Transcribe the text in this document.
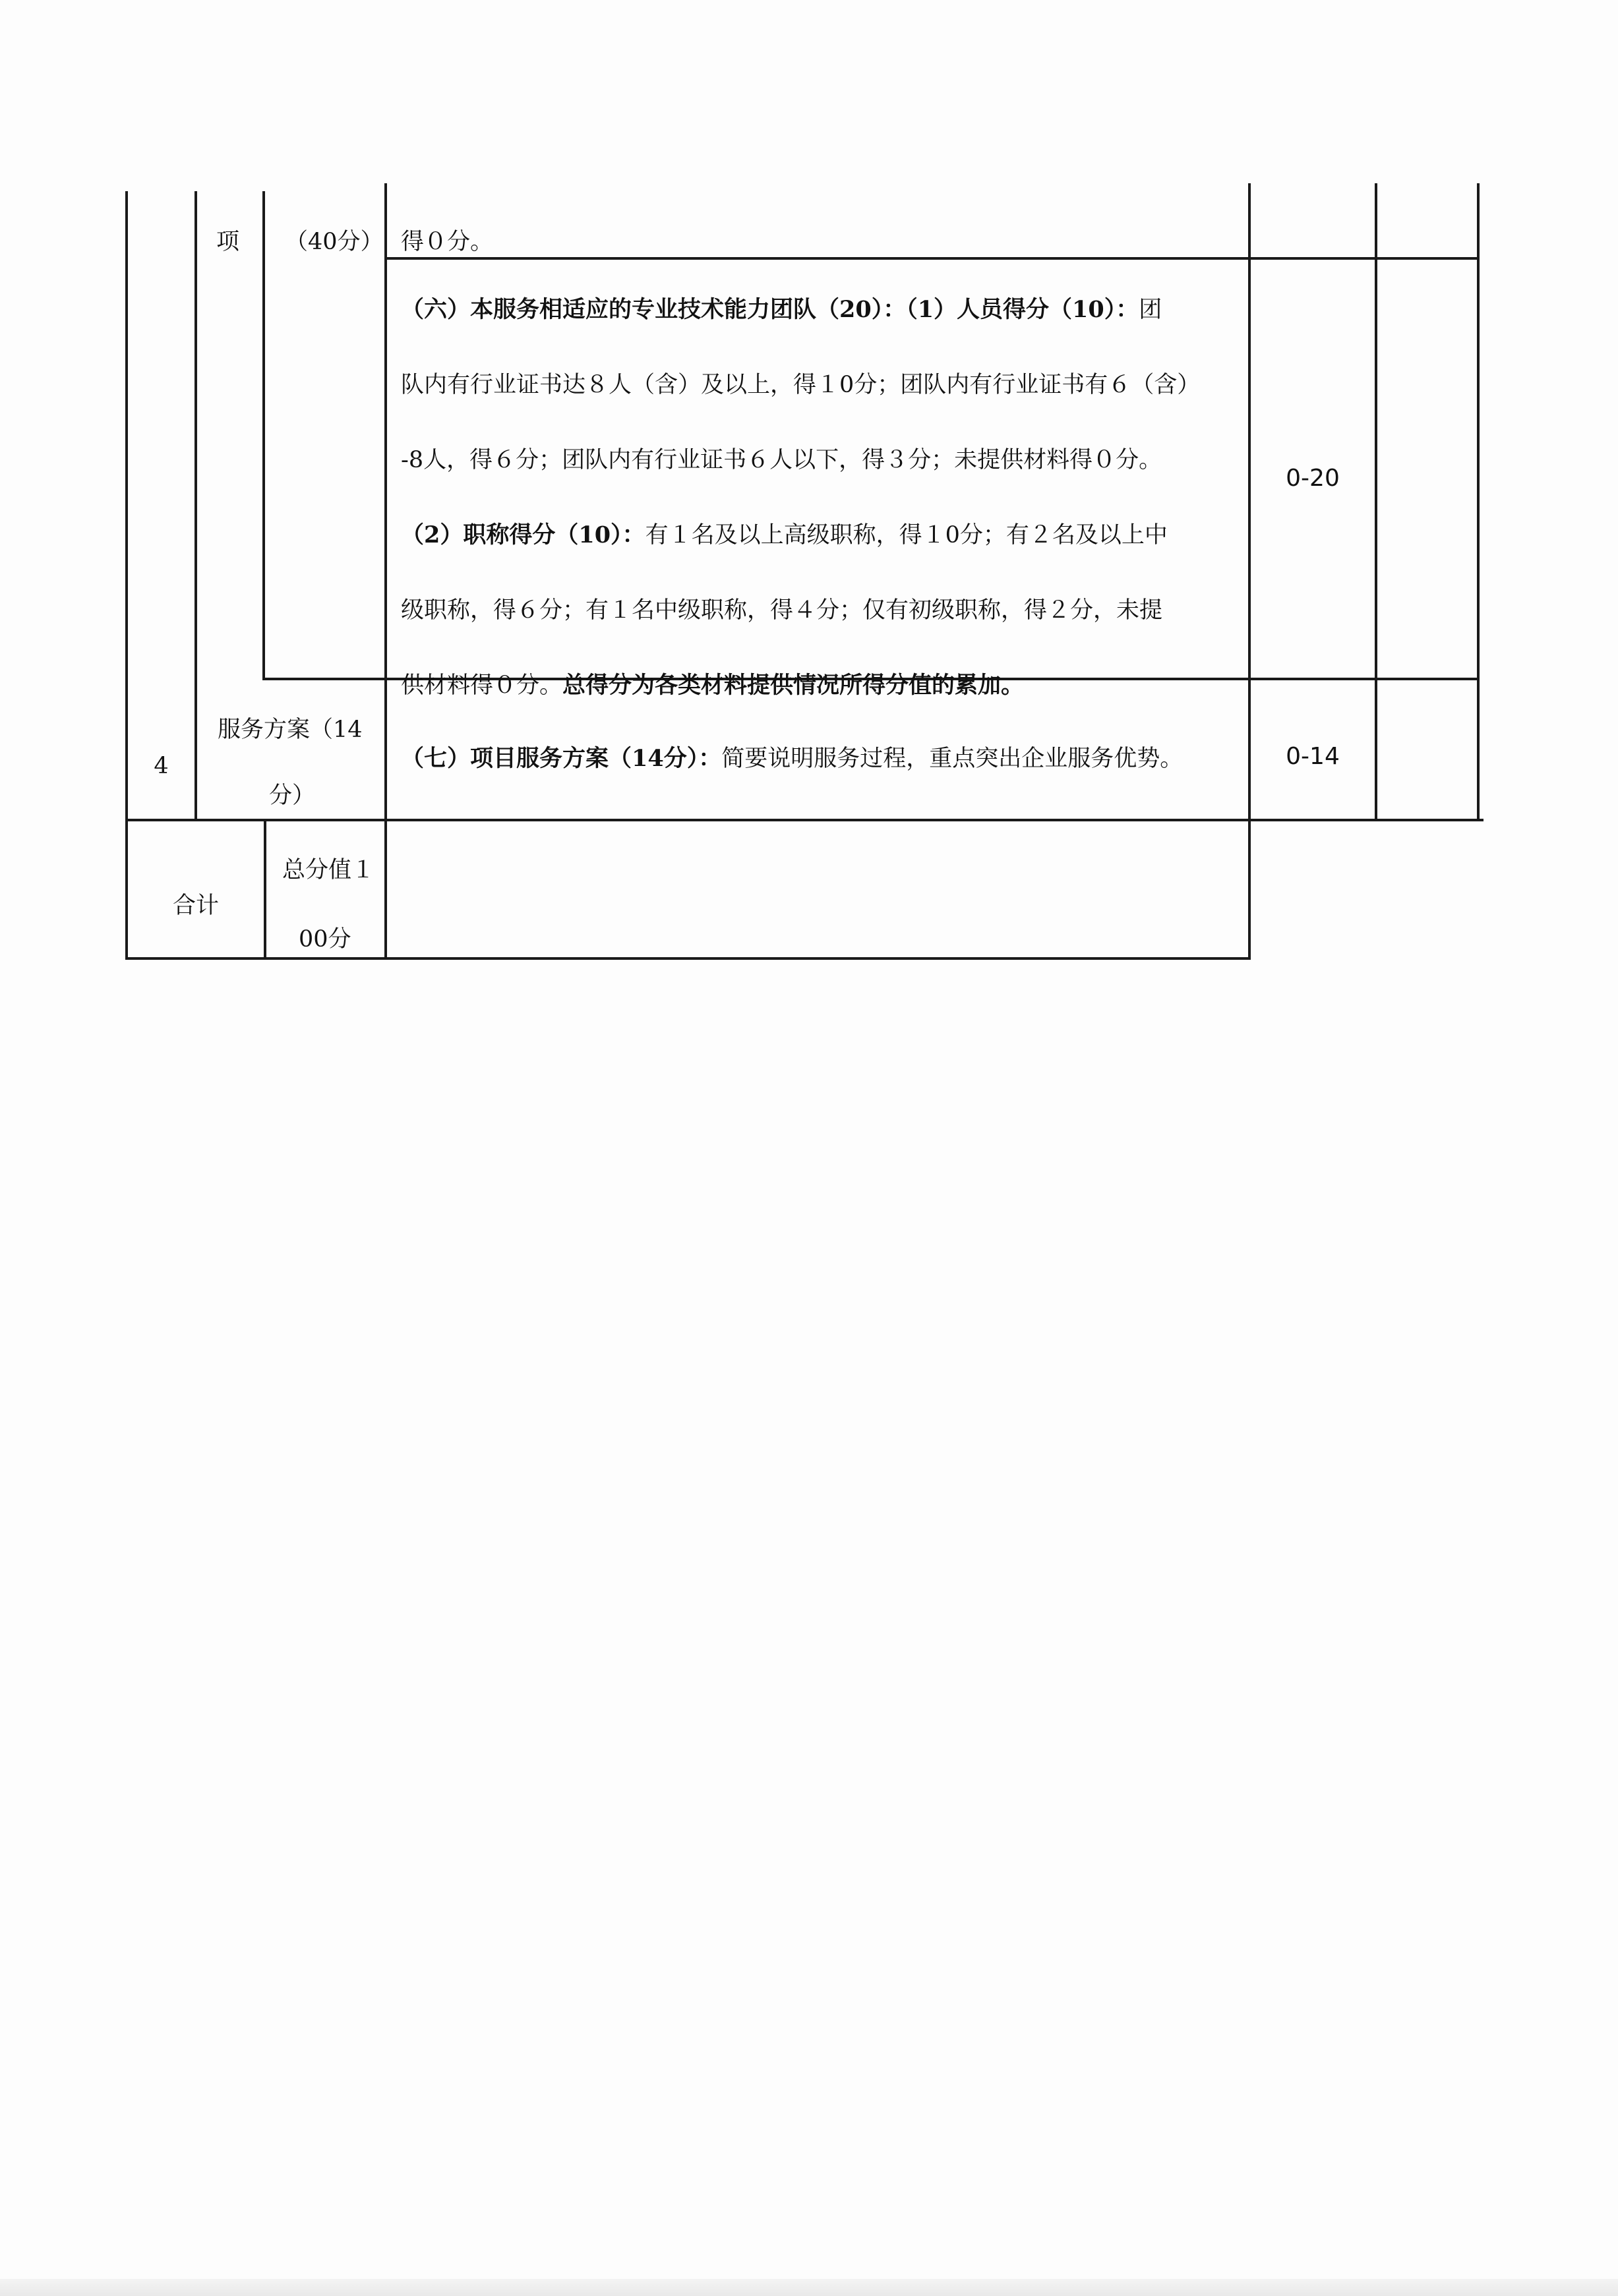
项 （40分） 得０分。
（六）本服务相适应的专业技术能力团队（20）：（1）人员得分（10）：团
队内有行业证书达８人（含）及以上，得１0分；团队内有行业证书有６（含）
-8人，得６分；团队内有行业证书６人以下，得３分；未提供材料得０分。
（2）职称得分（10）：有１名及以上高级职称，得１0分；有２名及以上中
级职称，得６分；有１名中级职称，得４分；仅有初级职称，得２分，未提
供材料得０分。总得分为各类材料提供情况所得分值的累加。
0-20
4
服务方案（14
分）
（七）项目服务方案（14分）：简要说明服务过程，重点突出企业服务优势。	0-14
合计
总分值１
00分
